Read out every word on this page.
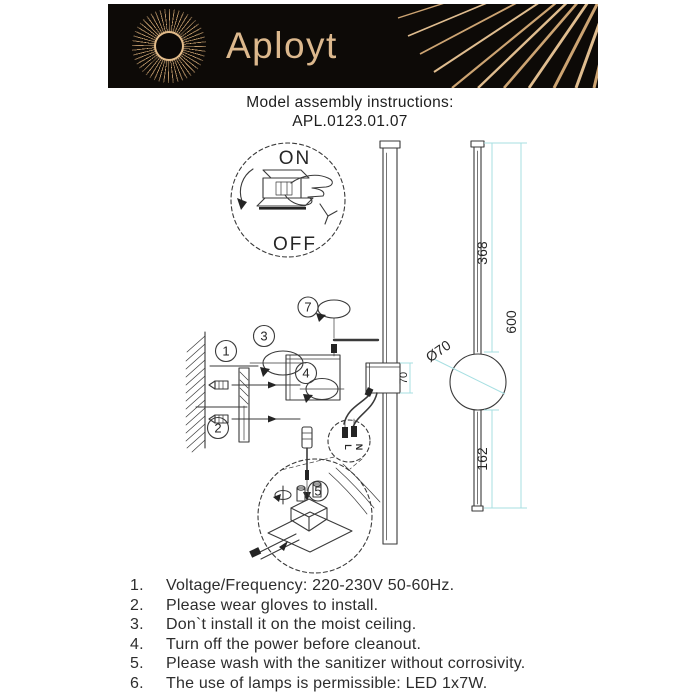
Aployt
Model assembly instructions:
APL.0123.01.07
ON
OFF
1
2
3
4
7
70
L N
5
368
600
162
Ø70
1.	Voltage/Frequency: 220-230V 50-60Hz.
2.	Please wear gloves to install.
3.	Don`t install it on the moist ceiling.
4.	Turn off the power before cleanout.
5.	Please wash with the sanitizer without corrosivity.
6.	The use of lamps is permissible: LED 1x7W.
